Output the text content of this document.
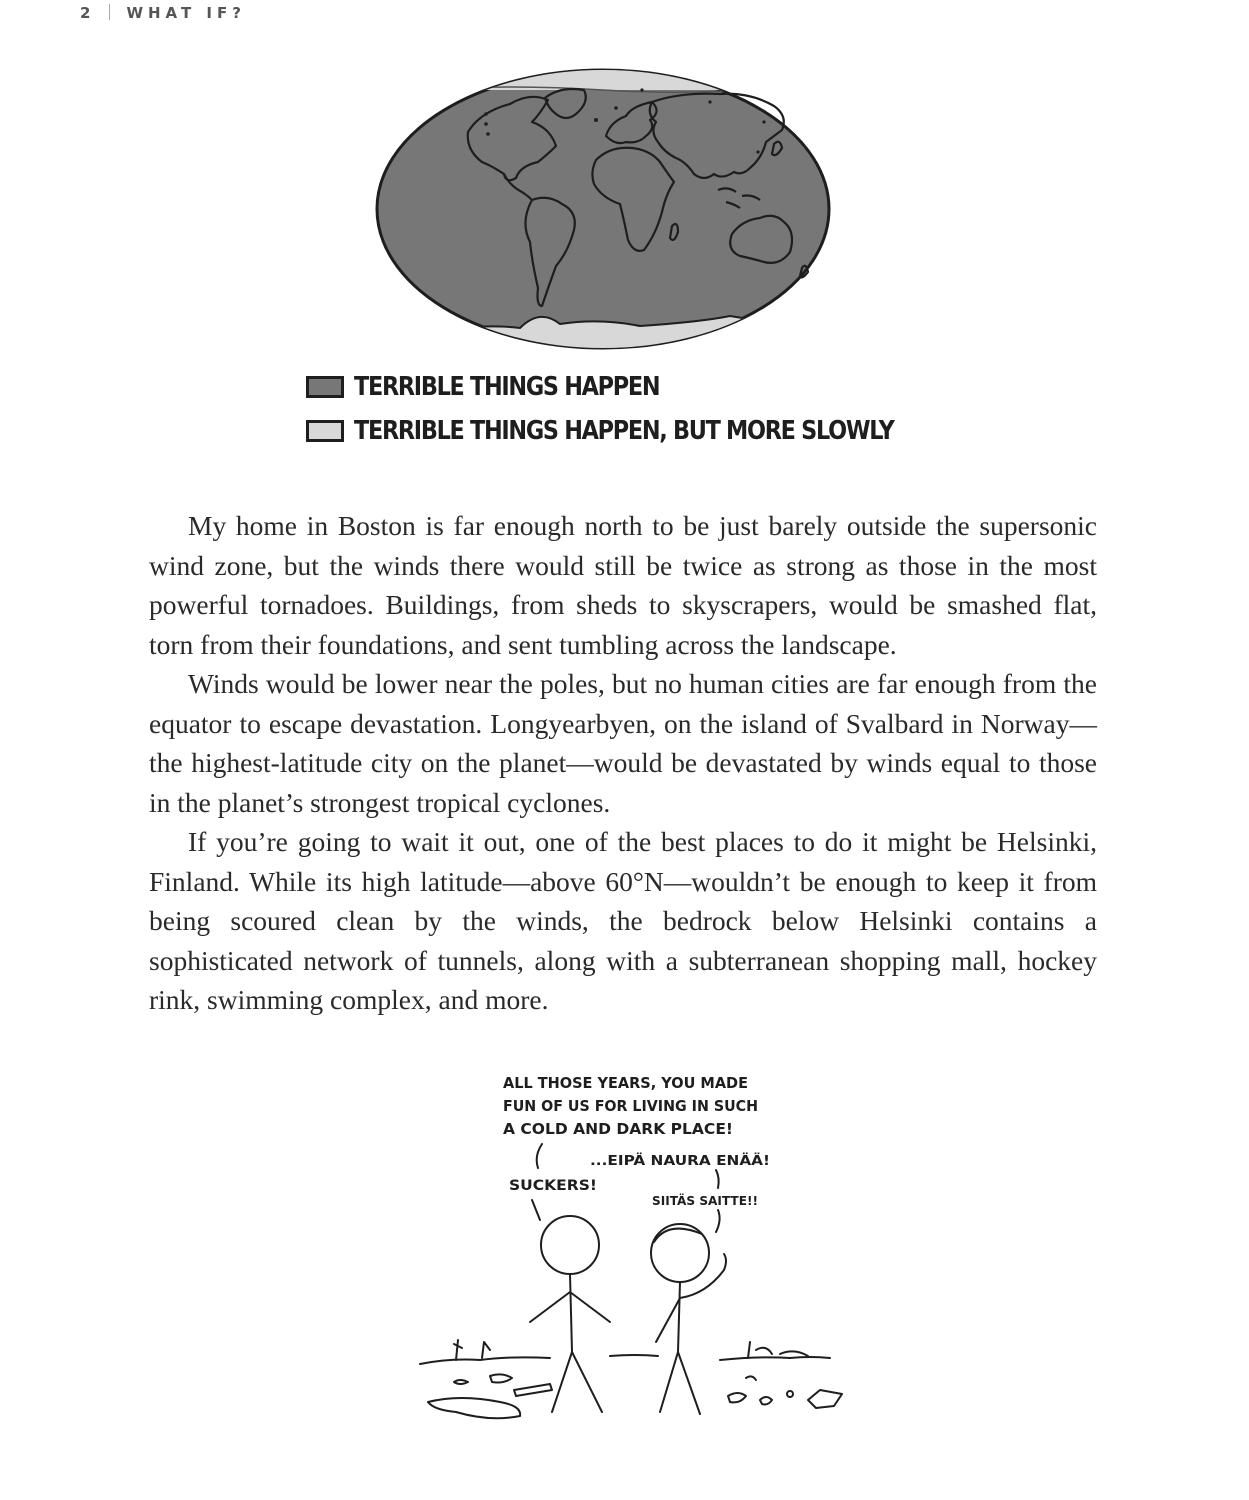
2 WHAT IF?
TERRIBLE THINGS HAPPEN
TERRIBLE THINGS HAPPEN, BUT MORE SLOWLY

My home in Boston is far enough north to be just barely outside the supersonic wind zone, but the winds there would still be twice as strong as those in the most powerful tornadoes. Buildings, from sheds to skyscrapers, would be smashed flat, torn from their foundations, and sent tumbling across the landscape.

Winds would be lower near the poles, but no human cities are far enough from the equator to escape devastation. Longyearbyen, on the island of Svalbard in Norway—the highest-latitude city on the planet—would be devastated by winds equal to those in the planet’s strongest tropical cyclones.

If you’re going to wait it out, one of the best places to do it might be Helsinki, Finland. While its high latitude—above 60°N—wouldn’t be enough to keep it from being scoured clean by the winds, the bedrock below Helsinki contains a sophisticated network of tunnels, along with a subterranean shopping mall, hockey rink, swimming complex, and more.

ALL THOSE YEARS, YOU MADE
FUN OF US FOR LIVING IN SUCH
A COLD AND DARK PLACE!
...EIPÄ NAURA ENÄÄ!
SUCKERS!
SIITÄS SAITTE!!
